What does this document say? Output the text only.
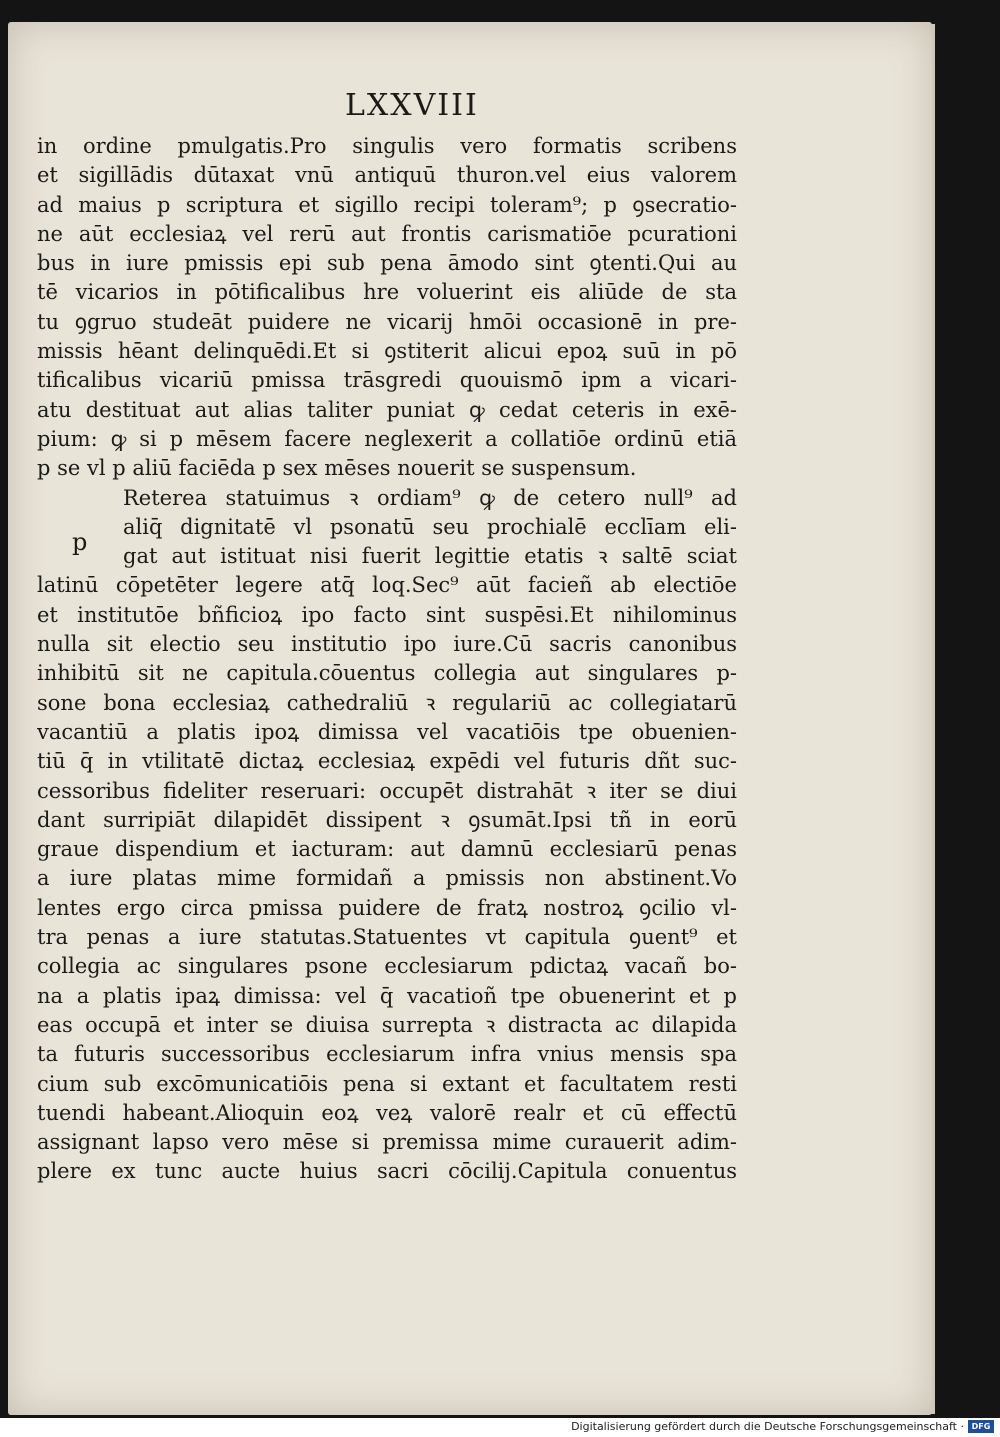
LXXVIII
p
in ordine pmulgatis.Pro singulis vero formatis scribens
et sigillādis dūtaxat vnū antiquū thuron.vel eius valorem
ad maius p scriptura et sigillo recipi toleram⁹; p ꝯsecratio-
ne aūt ecclesiaꝝ vel rerū aut frontis carismatiōe pcurationi
bus in iure pmissis epi sub pena āmodo sint ꝯtenti.Qui au
tē vicarios in pōtificalibus hre voluerint eis aliūde de sta
tu ꝯgruo studeāt puidere ne vicarij hmōi occasionē in pre-
missis hēant delinquēdi.Et si ꝯstiterit alicui epoꝝ suū in pō
tificalibus vicariū pmissa trāsgredi quouismō ipm a vicari-
atu destituat aut alias taliter puniat ꝙ cedat ceteris in exē-
pium: ꝙ si p mēsem facere neglexerit a collatiōe ordinū etiā
p se vl p aliū faciēda p sex mēses nouerit se suspensum.
Reterea statuimus ꝛ ordiam⁹ ꝙ de cetero null⁹ ad
aliq̄ dignitatē vl psonatū seu prochialē ecclīam eli-
gat aut istituat nisi fuerit legittie etatis ꝛ saltē sciat
latinū cōpetēter legere atq̄ loq.Sec⁹ aūt facieñ ab electiōe
et institutōe bñficioꝝ ipo facto sint suspēsi.Et nihilominus
nulla sit electio seu institutio ipo iure.Cū sacris canonibus
inhibitū sit ne capitula.cōuentus collegia aut singulares p-
sone bona ecclesiaꝝ cathedraliū ꝛ regulariū ac collegiatarū
vacantiū a platis ipoꝝ dimissa vel vacatiōis tpe obuenien-
tiū q̄ in vtilitatē dictaꝝ ecclesiaꝝ expēdi vel futuris dñt suc-
cessoribus fideliter reseruari: occupēt distrahāt ꝛ iter se diui
dant surripiāt dilapidēt dissipent ꝛ ꝯsumāt.Ipsi tñ in eorū
graue dispendium et iacturam: aut damnū ecclesiarū penas
a iure platas mime formidañ a pmissis non abstinent.Vo
lentes ergo circa pmissa puidere de fratꝝ nostroꝝ ꝯcilio vl-
tra penas a iure statutas.Statuentes vt capitula ꝯuent⁹ et
collegia ac singulares psone ecclesiarum pdictaꝝ vacañ bo-
na a platis ipaꝝ dimissa: vel q̄ vacatioñ tpe obuenerint et p
eas occupā et inter se diuisa surrepta ꝛ distracta ac dilapida
ta futuris successoribus ecclesiarum infra vnius mensis spa
cium sub excōmunicatiōis pena si extant et facultatem resti
tuendi habeant.Alioquin eoꝝ veꝝ valorē realr et cū effectū
assignant lapso vero mēse si premissa mime curauerit adim-
plere ex tunc aucte huius sacri cōcilij.Capitula conuentus
Digitalisierung gefördert durch die Deutsche Forschungsgemeinschaft · DFG
